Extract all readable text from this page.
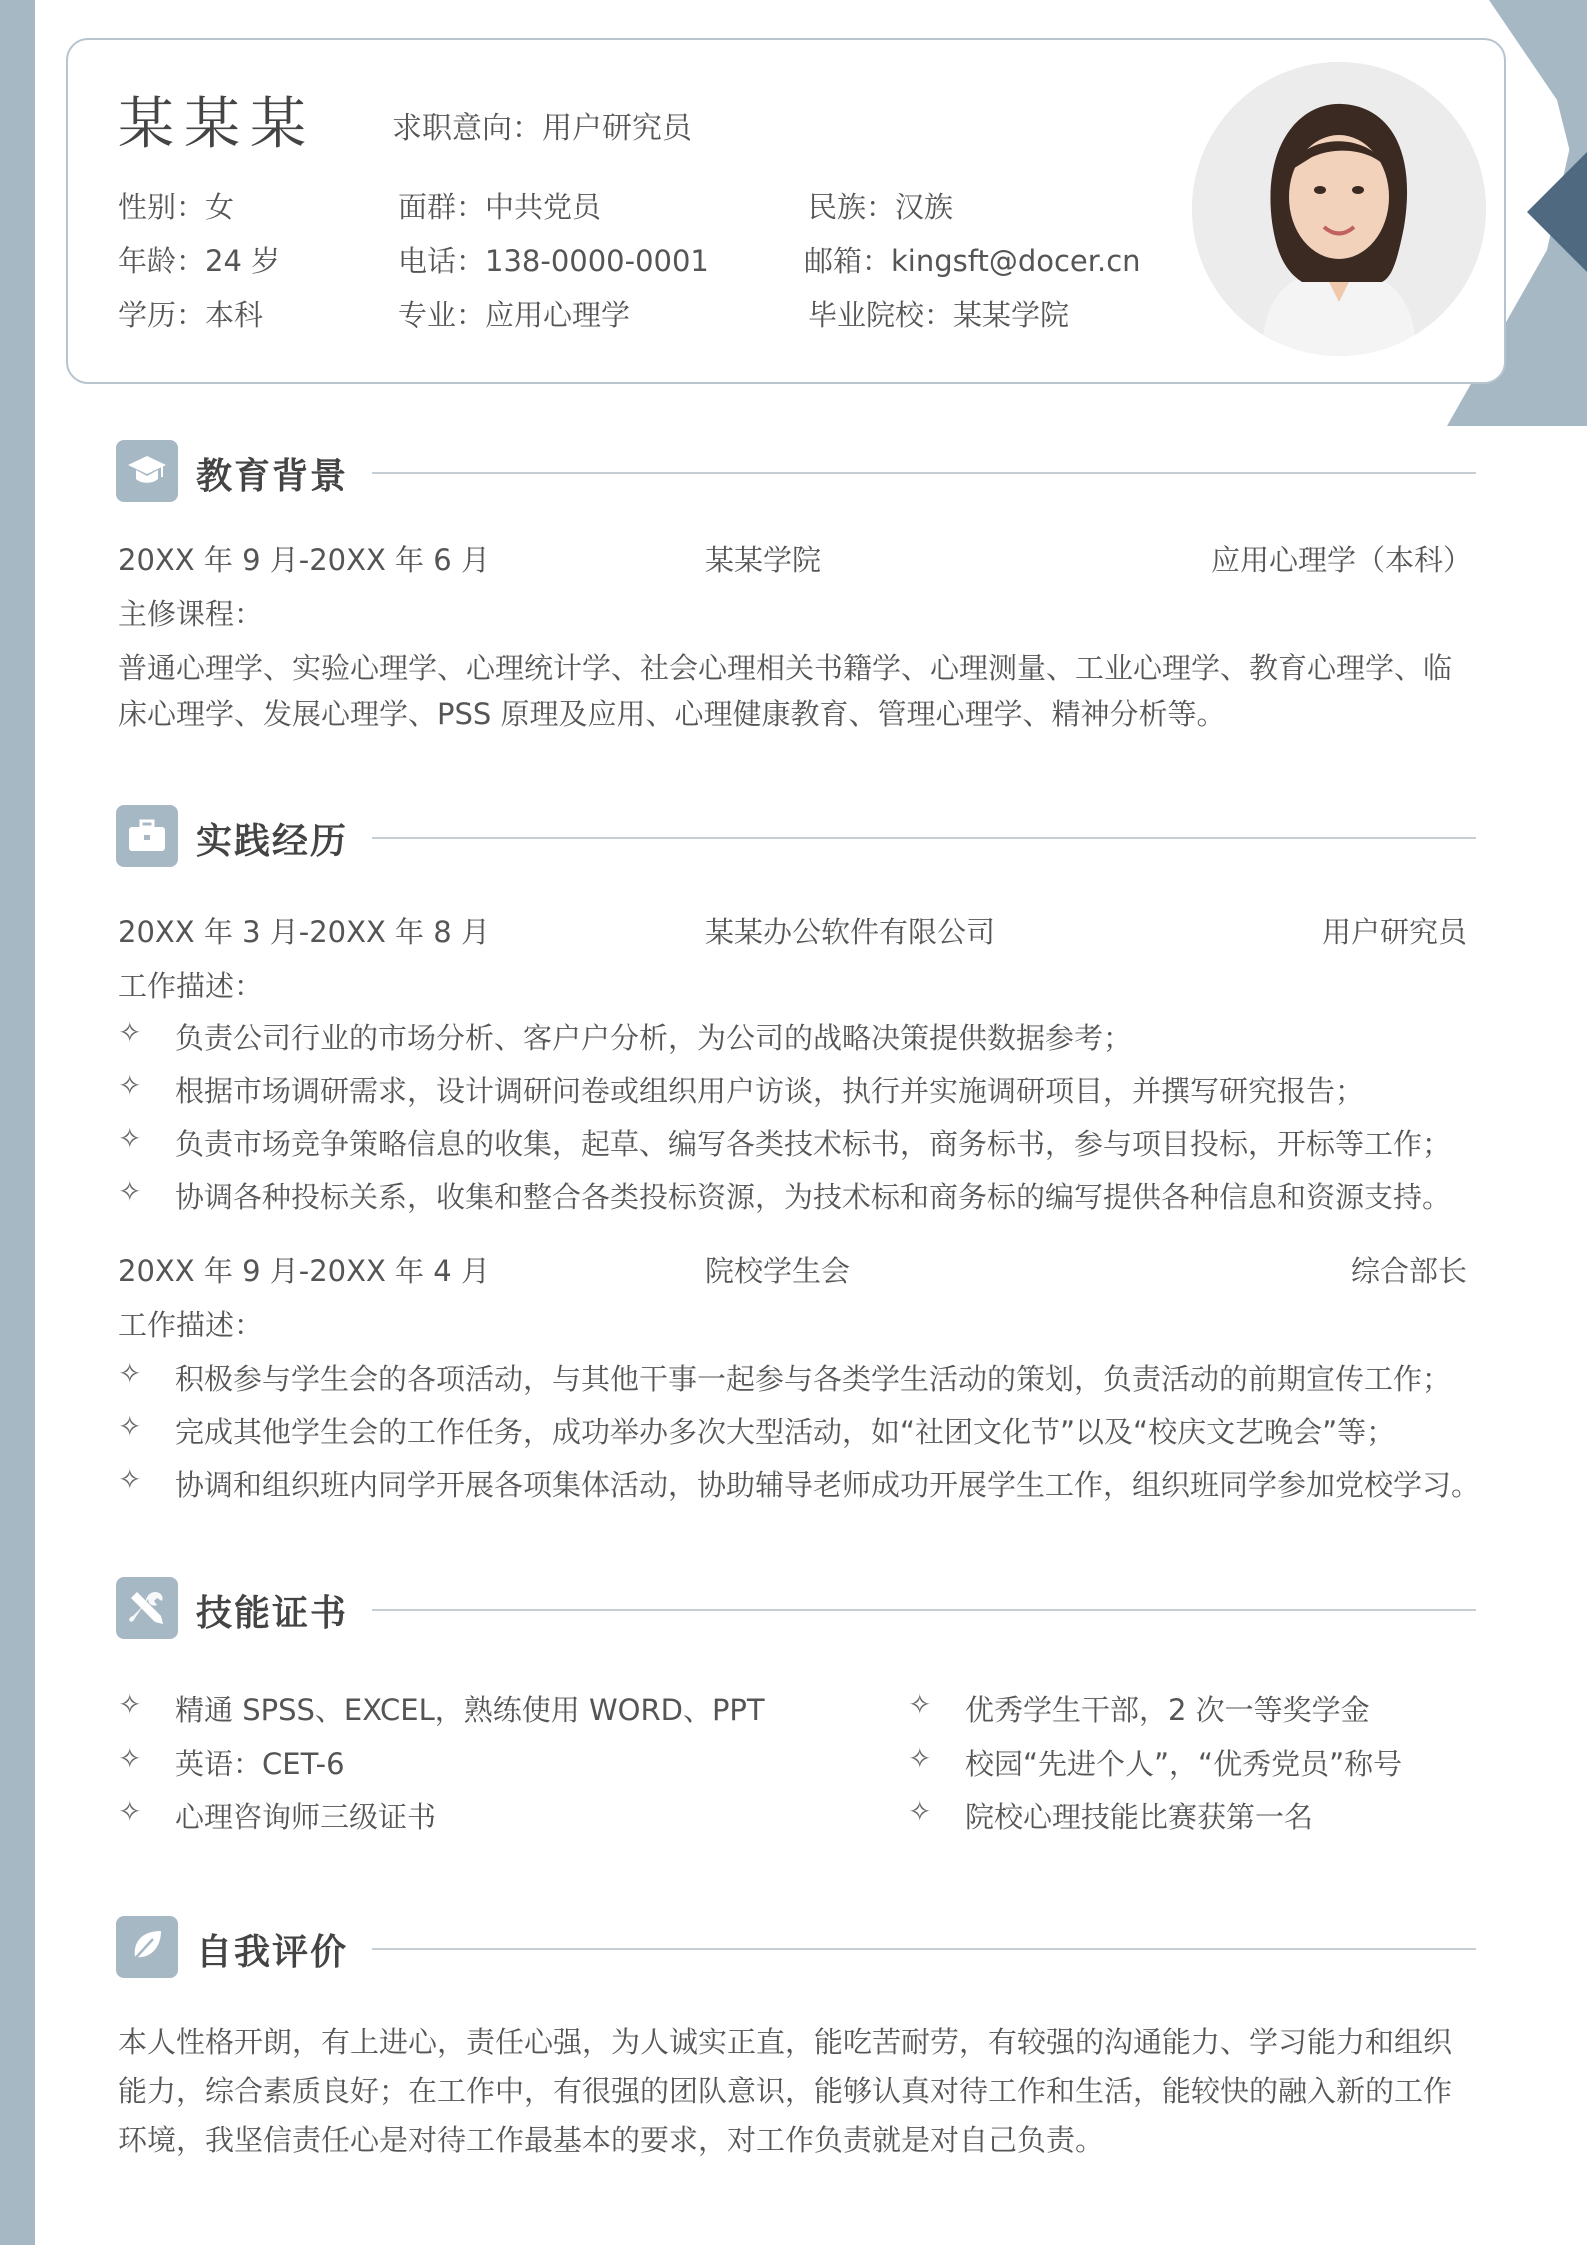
某某某	求职意向：用户研究员
性别：女	面群：中共党员	民族：汉族
年龄：24 岁	电话：138-0000-0001	邮箱：kingsft@docer.cn
学历：本科	专业：应用心理学	毕业院校：某某学院
教育背景
20XX 年 9 月-20XX 年 6 月	某某学院	应用心理学（本科）
主修课程：
普通心理学、实验心理学、心理统计学、社会心理相关书籍学、心理测量、工业心理学、教育心理学、临
床心理学、发展心理学、PSS 原理及应用、心理健康教育、管理心理学、精神分析等。
实践经历
20XX 年 3 月-20XX 年 8 月	某某办公软件有限公司	用户研究员
工作描述：
✧ 负责公司行业的市场分析、客户户分析，为公司的战略决策提供数据参考；
✧ 根据市场调研需求，设计调研问卷或组织用户访谈，执行并实施调研项目，并撰写研究报告；
✧ 负责市场竞争策略信息的收集，起草、编写各类技术标书，商务标书，参与项目投标，开标等工作；
✧ 协调各种投标关系，收集和整合各类投标资源，为技术标和商务标的编写提供各种信息和资源支持。
20XX 年 9 月-20XX 年 4 月	院校学生会	综合部长
工作描述：
✧ 积极参与学生会的各项活动，与其他干事一起参与各类学生活动的策划，负责活动的前期宣传工作；
✧ 完成其他学生会的工作任务，成功举办多次大型活动，如“社团文化节”以及“校庆文艺晚会”等；
✧ 协调和组织班内同学开展各项集体活动，协助辅导老师成功开展学生工作，组织班同学参加党校学习。
技能证书
✧ 精通 SPSS、EXCEL，熟练使用 WORD、PPT
✧ 英语：CET-6
✧ 心理咨询师三级证书
✧ 优秀学生干部，2 次一等奖学金
✧ 校园“先进个人”，“优秀党员”称号
✧ 院校心理技能比赛获第一名
自我评价
本人性格开朗，有上进心，责任心强，为人诚实正直，能吃苦耐劳，有较强的沟通能力、学习能力和组织
能力，综合素质良好；在工作中，有很强的团队意识，能够认真对待工作和生活，能较快的融入新的工作
环境，我坚信责任心是对待工作最基本的要求，对工作负责就是对自己负责。
